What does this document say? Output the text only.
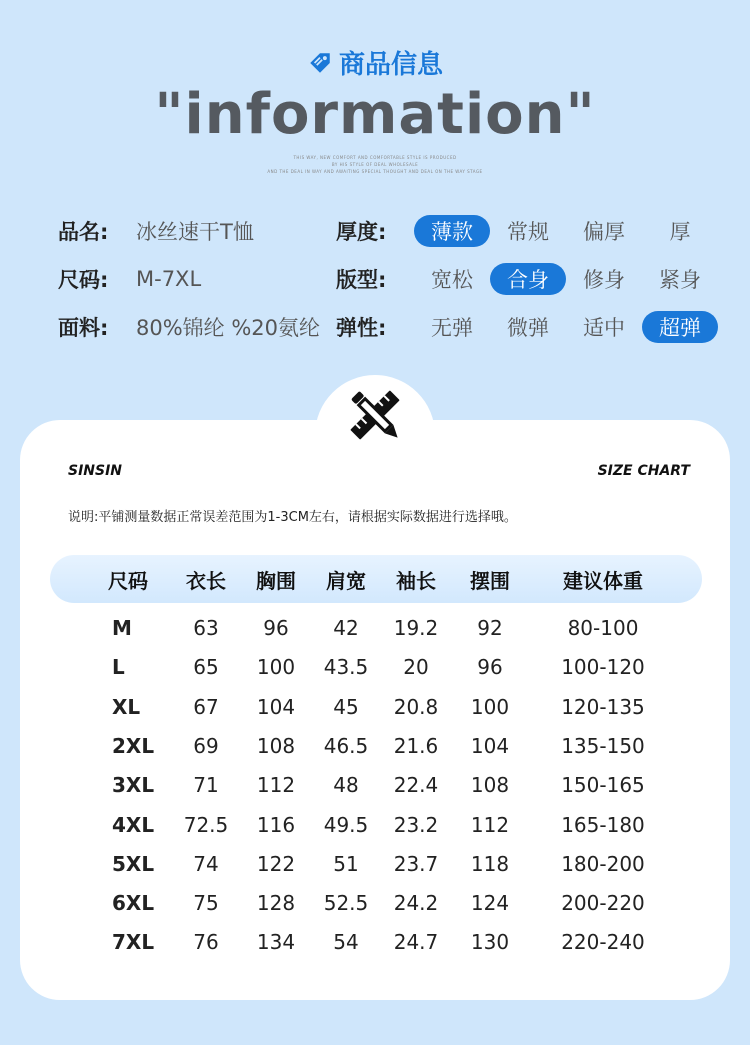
商品信息
"information"
THIS WAY, NEW COMFORT AND COMFORTABLE STYLE IS PRODUCED
BY HIS STYLE OF DEAL WHOLESALE
AND THE DEAL IN WAY AND AWAITING SPECIAL THOUGHT AND DEAL ON THE WAY STAGE
品名:	冰丝速干T恤
尺码:	M-7XL
面料:	80%锦纶 %20氨纶
厚度:	薄款	常规	偏厚	厚
版型:	宽松	合身	修身	紧身
弹性:	无弹	微弹	适中	超弹
SINSIN	SIZE CHART
说明:平铺测量数据正常误差范围为1-3CM左右，请根据实际数据进行选择哦。
尺码	衣长	胸围	肩宽	袖长	摆围	建议体重
M	63	96	42	19.2	92	80-100
L	65	100	43.5	20	96	100-120
XL	67	104	45	20.8	100	120-135
2XL	69	108	46.5	21.6	104	135-150
3XL	71	112	48	22.4	108	150-165
4XL	72.5	116	49.5	23.2	112	165-180
5XL	74	122	51	23.7	118	180-200
6XL	75	128	52.5	24.2	124	200-220
7XL	76	134	54	24.7	130	220-240
